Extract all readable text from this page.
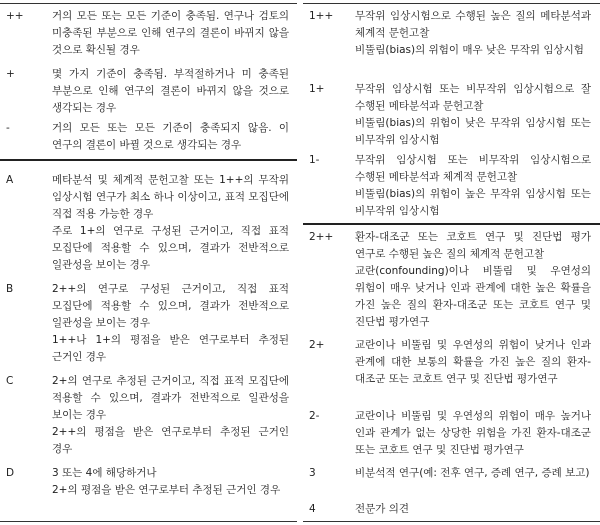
++	거의 모든 또는 모든 기준이 충족됨. 연구나 검토의 미충족된 부분으로 인해 연구의 결론이 바뀌지 않을 것으로 확신될 경우

+	몇 가지 기준이 충족됨. 부적절하거나 미 충족된 부분으로 인해 연구의 결론이 바뀌지 않을 것으로 생각되는 경우

-	거의 모든 또는 모든 기준이 충족되지 않음. 이 연구의 결론이 바뀔 것으로 생각되는 경우

A	메타분석 및 체계적 문헌고찰 또는 1++의 무작위 임상시험 연구가 최소 하나 이상이고, 표적 모집단에 직접 적용 가능한 경우

주로 1+의 연구로 구성된 근거이고, 직접 표적 모집단에 적용할 수 있으며, 결과가 전반적으로 일관성을 보이는 경우

B	2++의 연구로 구성된 근거이고, 직접 표적 모집단에 적용할 수 있으며, 결과가 전반적으로 일관성을 보이는 경우

1++나 1+의 평점을 받은 연구로부터 추정된 근거인 경우

C	2+의 연구로 추정된 근거이고, 직접 표적 모집단에 적용할 수 있으며, 결과가 전반적으로 일관성을 보이는 경우

2++의 평점을 받은 연구로부터 추정된 근거인 경우

D	3 또는 4에 해당하거나

2+의 평점을 받은 연구로부터 추정된 근거인 경우

1++ 무작위 임상시험으로 수행된 높은 질의 메타분석과 체계적 문헌고찰

비뚤림(bias)의 위험이 매우 낮은 무작위 임상시험

1+	무작위 임상시험 또는 비무작위 임상시험으로 잘 수행된 메타분석과 문헌고찰

비뚤림(bias)의 위험이 낮은 무작위 임상시험 또는 비무작위 임상시험

1-	무작위 임상시험 또는 비무작위 임상시험으로 수행된 메타분석과 체계적 문헌고찰

비뚤림(bias)의 위험이 높은 무작위 임상시험 또는 비무작위 임상시험

2++ 환자-대조군 또는 코호트 연구 및 진단법 평가 연구로 수행된 높은 질의 체계적 문헌고찰

교란(confounding)이나 비뚤림 및 우연성의 위험이 매우 낮거나 인과 관계에 대한 높은 확률을 가진 높은 질의 환자-대조군 또는 코호트 연구 및 진단법 평가연구

2+	교란이나 비뚤림 및 우연성의 위험이 낮거나 인과 관계에 대한 보통의 확률을 가진 높은 질의 환자-대조군 또는 코호트 연구 및 진단법 평가연구

2-	교란이나 비뚤림 및 우연성의 위험이 매우 높거나 인과 관계가 없는 상당한 위험을 가진 환자-대조군 또는 코호트 연구 및 진단법 평가연구

3	비분석적 연구(예: 전후 연구, 증례 연구, 증례 보고)

4	전문가 의견
